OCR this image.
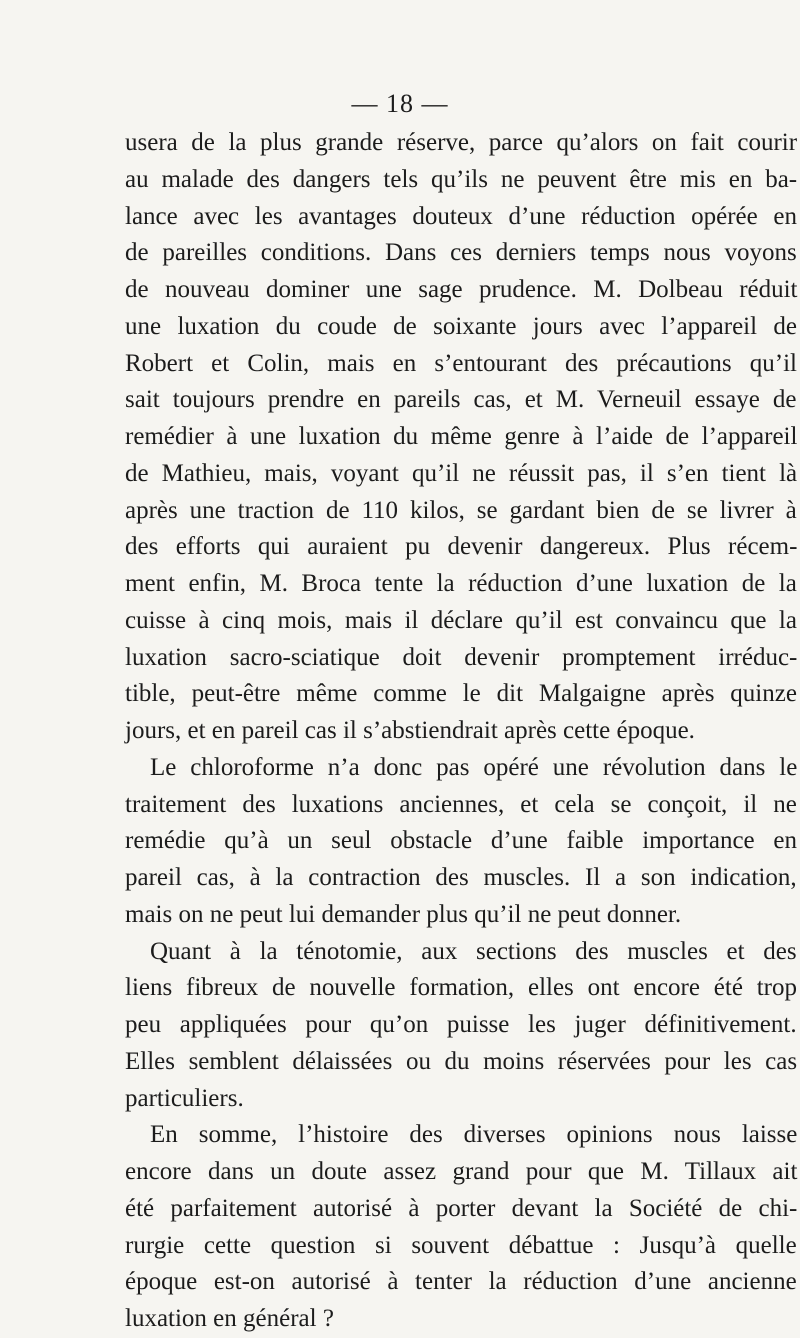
— 18 —
usera de la plus grande réserve, parce qu’alors on fait courir
au malade des dangers tels qu’ils ne peuvent être mis en ba-
lance avec les avantages douteux d’une réduction opérée en
de pareilles conditions. Dans ces derniers temps nous voyons
de nouveau dominer une sage prudence. M. Dolbeau réduit
une luxation du coude de soixante jours avec l’appareil de
Robert et Colin, mais en s’entourant des précautions qu’il
sait toujours prendre en pareils cas, et M. Verneuil essaye de
remédier à une luxation du même genre à l’aide de l’appareil
de Mathieu, mais, voyant qu’il ne réussit pas, il s’en tient là
après une traction de 110 kilos, se gardant bien de se livrer à
des efforts qui auraient pu devenir dangereux. Plus récem-
ment enfin, M. Broca tente la réduction d’une luxation de la
cuisse à cinq mois, mais il déclare qu’il est convaincu que la
luxation sacro-sciatique doit devenir promptement irréduc-
tible, peut-être même comme le dit Malgaigne après quinze
jours, et en pareil cas il s’abstiendrait après cette époque.
Le chloroforme n’a donc pas opéré une révolution dans le
traitement des luxations anciennes, et cela se conçoit, il ne
remédie qu’à un seul obstacle d’une faible importance en
pareil cas, à la contraction des muscles. Il a son indication,
mais on ne peut lui demander plus qu’il ne peut donner.
Quant à la ténotomie, aux sections des muscles et des
liens fibreux de nouvelle formation, elles ont encore été trop
peu appliquées pour qu’on puisse les juger définitivement.
Elles semblent délaissées ou du moins réservées pour les cas
particuliers.
En somme, l’histoire des diverses opinions nous laisse
encore dans un doute assez grand pour que M. Tillaux ait
été parfaitement autorisé à porter devant la Société de chi-
rurgie cette question si souvent débattue : Jusqu’à quelle
époque est-on autorisé à tenter la réduction d’une ancienne
luxation en général ?
